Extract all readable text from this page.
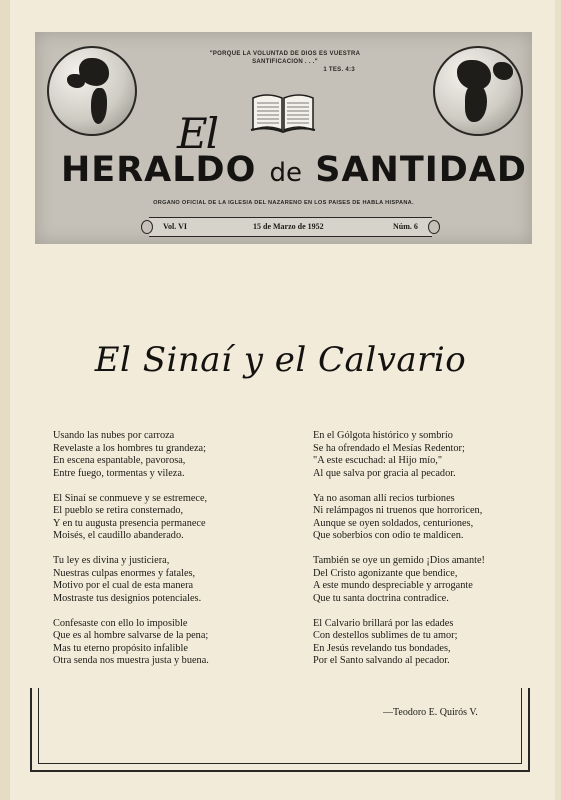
"PORQUE LA VOLUNTAD DE DIOS ES VUESTRA
SANTIFICACION . . ."
1 TES. 4:3
El
HERALDO de SANTIDAD
ORGANO OFICIAL DE LA IGLESIA DEL NAZARENO EN LOS PAISES DE HABLA HISPANA.
Vol. VI	15 de Marzo de 1952	Núm. 6
El Sinaí y el Calvario
Usando las nubes por carroza
Revelaste a los hombres tu grandeza;
En escena espantable, pavorosa,
Entre fuego, tormentas y vileza.
El Sinaí se conmueve y se estremece,
El pueblo se retira consternado,
Y en tu augusta presencia permanece
Moisés, el caudillo abanderado.
Tu ley es divina y justiciera,
Nuestras culpas enormes y fatales,
Motivo por el cual de esta manera
Mostraste tus designios potenciales.
Confesaste con ello lo imposible
Que es al hombre salvarse de la pena;
Mas tu eterno propósito infalible
Otra senda nos muestra justa y buena.
En el Gólgota histórico y sombrío
Se ha ofrendado el Mesías Redentor;
"A este escuchad: al Hijo mío,"
Al que salva por gracia al pecador.
Ya no asoman allí recios turbiones
Ni relámpagos ni truenos que horroricen,
Aunque se oyen soldados, centuriones,
Que soberbios con odio te maldicen.
También se oye un gemido ¡Dios amante!
Del Cristo agonizante que bendice,
A este mundo despreciable y arrogante
Que tu santa doctrina contradice.
El Calvario brillará por las edades
Con destellos sublimes de tu amor;
En Jesús revelando tus bondades,
Por el Santo salvando al pecador.
—Teodoro E. Quirós V.
